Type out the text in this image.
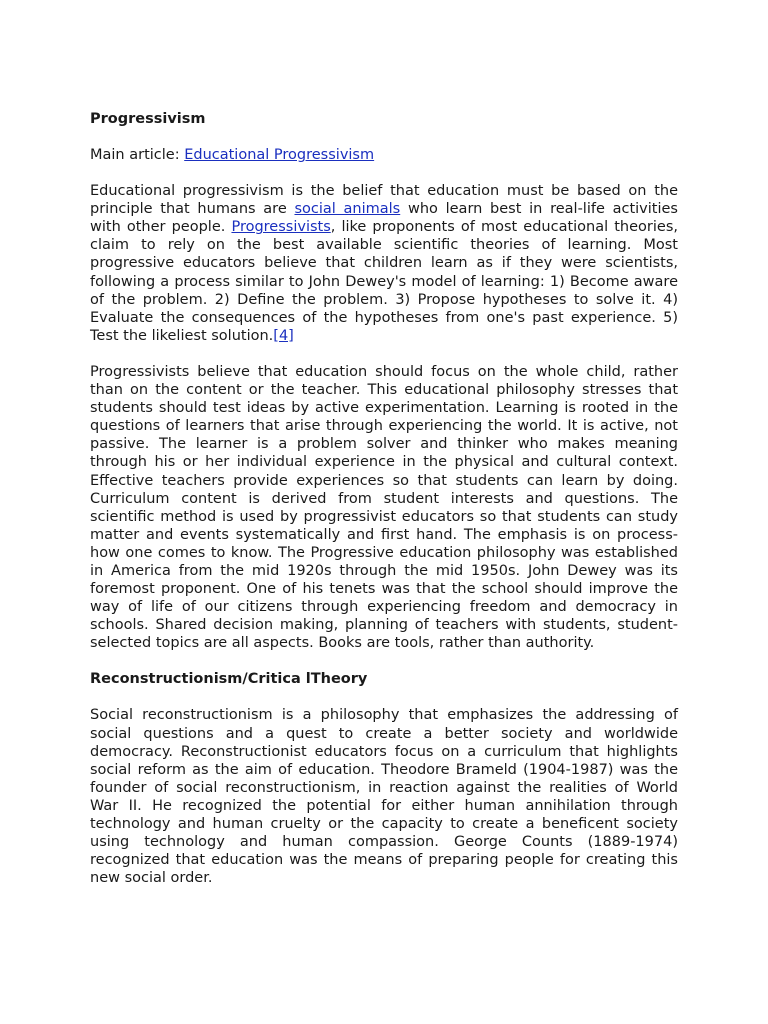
Progressivism

Main article: Educational Progressivism

Educational progressivism is the belief that education must be based on the principle that humans are social animals who learn best in real-life activities with other people. Progressivists, like proponents of most educational theories, claim to rely on the best available scientific theories of learning. Most progressive educators believe that children learn as if they were scientists, following a process similar to John Dewey's model of learning: 1) Become aware of the problem. 2) Define the problem. 3) Propose hypotheses to solve it. 4) Evaluate the consequences of the hypotheses from one's past experience. 5) Test the likeliest solution.[4]

Progressivists believe that education should focus on the whole child, rather than on the content or the teacher. This educational philosophy stresses that students should test ideas by active experimentation. Learning is rooted in the questions of learners that arise through experiencing the world. It is active, not passive. The learner is a problem solver and thinker who makes meaning through his or her individual experience in the physical and cultural context. Effective teachers provide experiences so that students can learn by doing. Curriculum content is derived from student interests and questions. The scientific method is used by progressivist educators so that students can study matter and events systematically and first hand. The emphasis is on process-how one comes to know. The Progressive education philosophy was established in America from the mid 1920s through the mid 1950s. John Dewey was its foremost proponent. One of his tenets was that the school should improve the way of life of our citizens through experiencing freedom and democracy in schools. Shared decision making, planning of teachers with students, student-selected topics are all aspects. Books are tools, rather than authority.

Reconstructionism/Critica lTheory

Social reconstructionism is a philosophy that emphasizes the addressing of social questions and a quest to create a better society and worldwide democracy. Reconstructionist educators focus on a curriculum that highlights social reform as the aim of education. Theodore Brameld (1904-1987) was the founder of social reconstructionism, in reaction against the realities of World War II. He recognized the potential for either human annihilation through technology and human cruelty or the capacity to create a beneficent society using technology and human compassion. George Counts (1889-1974) recognized that education was the means of preparing people for creating this new social order.
